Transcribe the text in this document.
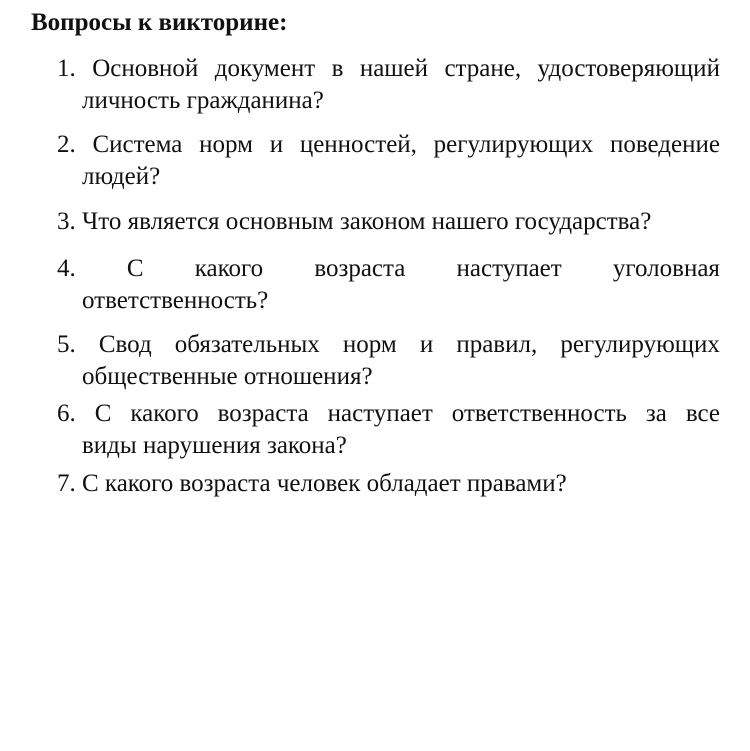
Вопросы к викторине:
1. Основной документ в нашей стране, удостоверяющий
личность гражданина?
2. Система норм и ценностей, регулирующих поведение
людей?
3. Что является основным законом нашего государства?
4. С какого возраста наступает уголовная
ответственность?
5. Свод обязательных норм и правил, регулирующих
общественные отношения?
6. С какого возраста наступает ответственность за все
виды нарушения закона?
7. С какого возраста человек обладает правами?
